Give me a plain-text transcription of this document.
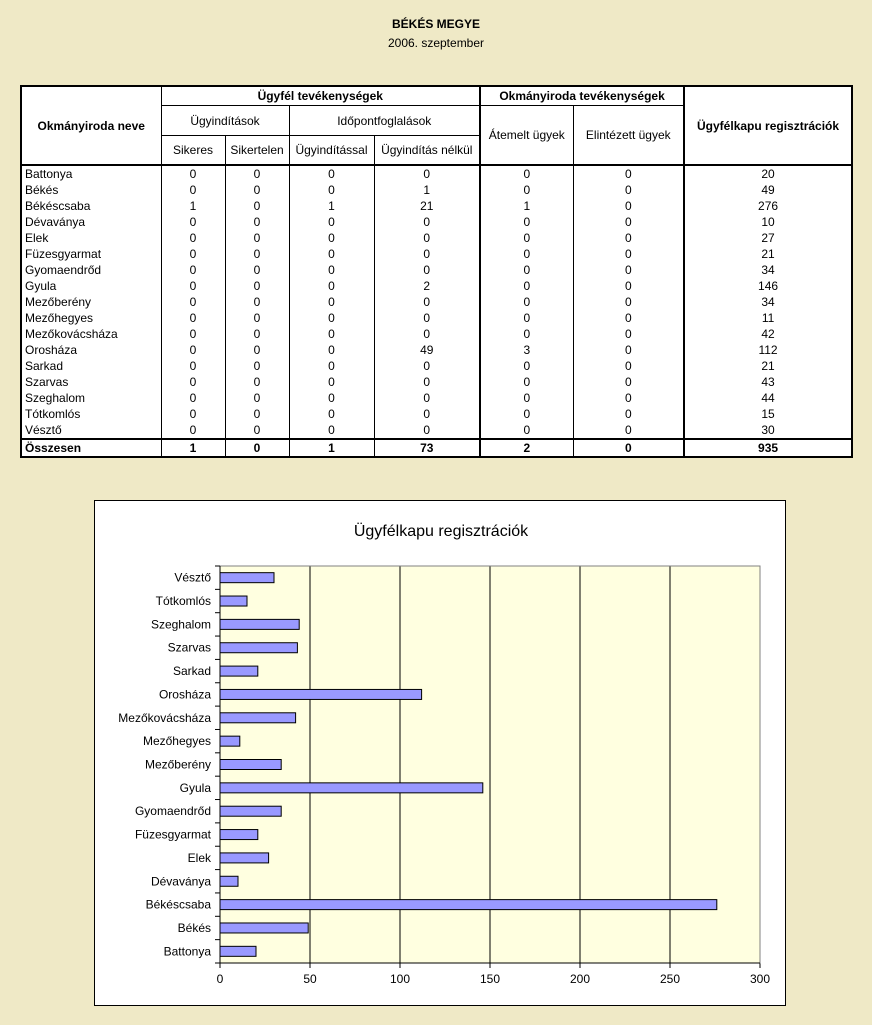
BÉKÉS MEGYE
2006. szeptember
Okmányiroda neve	Ügyfél tevékenységek				Okmányiroda tevékenységek		Ügyfélkapu regisztrációk
	Ügyindítások		Időpontfoglalások		Átemelt ügyek	Elintézett ügyek	
	Sikeres	Sikertelen	Ügyindítással	Ügyindítás nélkül			
Battonya	0	0	0	0	0	0	20
Békés	0	0	0	1	0	0	49
Békéscsaba	1	0	1	21	1	0	276
Dévaványa	0	0	0	0	0	0	10
Elek	0	0	0	0	0	0	27
Füzesgyarmat	0	0	0	0	0	0	21
Gyomaendrőd	0	0	0	0	0	0	34
Gyula	0	0	0	2	0	0	146
Mezőberény	0	0	0	0	0	0	34
Mezőhegyes	0	0	0	0	0	0	11
Mezőkovácsháza	0	0	0	0	0	0	42
Orosháza	0	0	0	49	3	0	112
Sarkad	0	0	0	0	0	0	21
Szarvas	0	0	0	0	0	0	43
Szeghalom	0	0	0	0	0	0	44
Tótkomlós	0	0	0	0	0	0	15
Vésztő	0	0	0	0	0	0	30
Összesen	1	0	1	73	2	0	935
Ügyfélkapu regisztrációk
0	50	100	150	200	250	300
Battonya
Békés
Békéscsaba
Dévaványa
Elek
Füzesgyarmat
Gyomaendrőd
Gyula
Mezőberény
Mezőhegyes
Mezőkovácsháza
Orosháza
Sarkad
Szarvas
Szeghalom
Tótkomlós
Vésztő
